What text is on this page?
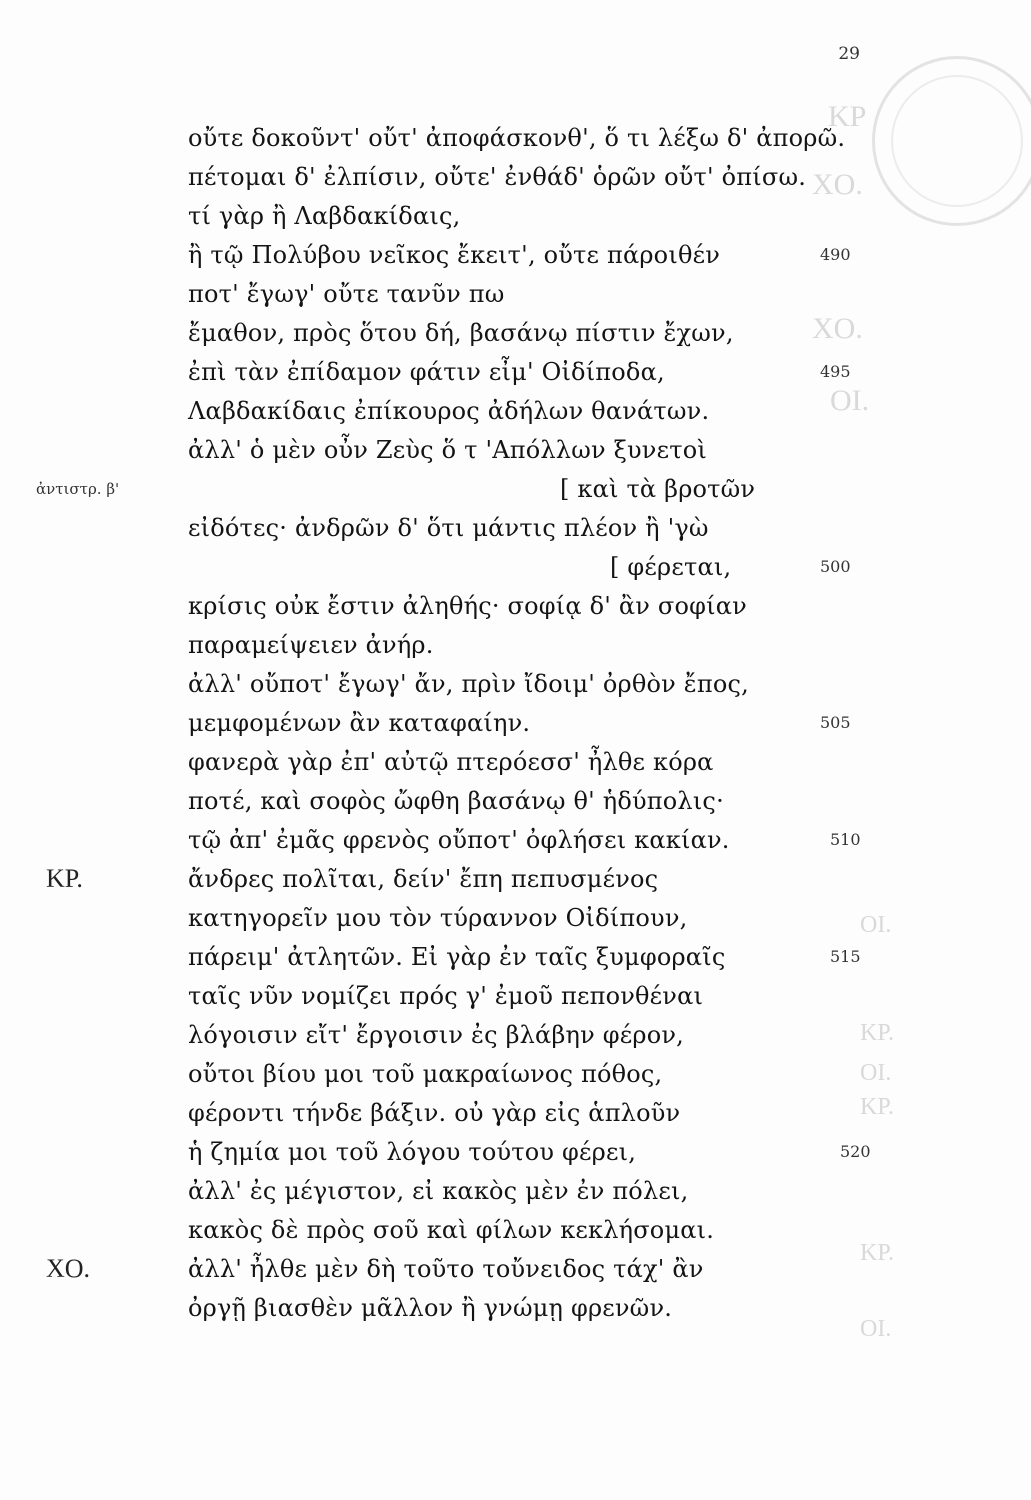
ΚΡ
ΧΟ.
ΧΟ.
ΟΙ.
ΟΙ.
ΚΡ.
ΟΙ.
ΚΡ.
ΚΡ.
ΟΙ.
29
οὔτε δοκοῦντ' οὔτ' ἀποφάσκονθ', ὅ τι λέξω δ' ἀπορῶ.
πέτομαι δ' ἐλπίσιν, οὔτε' ἐνθάδ' ὁρῶν οὔτ' ὀπίσω.
τί γὰρ ἢ Λαβδακίδαις,
ἢ τῷ Πολύβου νεῖκος ἔκειτ', οὔτε πάροιθέν
ποτ' ἔγωγ' οὔτε τανῦν πω
ἔμαθον, πρὸς ὅτου δή, βασάνῳ πίστιν ἔχων,
ἐπὶ τὰν ἐπίδαμον φάτιν εἶμ' Οἰδίποδα,
Λαβδακίδαις ἐπίκουρος ἀδήλων θανάτων.
ἀλλ' ὁ μὲν οὖν Ζεὺς ὅ τ 'Απόλλων ξυνετοὶ
[ καὶ τὰ βροτῶν
εἰδότες· ἀνδρῶν δ' ὅτι μάντις πλέον ἢ 'γὼ
[ φέρεται,
κρίσις οὐκ ἔστιν ἀληθής· σοφίᾳ δ' ἂν σοφίαν
παραμείψειεν ἀνήρ.
ἀλλ' οὔποτ' ἔγωγ' ἄν, πρὶν ἴδοιμ' ὀρθὸν ἔπος,
μεμφομένων ἂν καταφαίην.
φανερὰ γὰρ ἐπ' αὐτῷ πτερόεσσ' ἦλθε κόρα
ποτέ, καὶ σοφὸς ὤφθη βασάνῳ θ' ἡδύπολις·
τῷ ἀπ' ἐμᾶς φρενὸς οὔποτ' ὀφλήσει κακίαν.
ἄνδρες πολῖται, δείν' ἔπη πεπυσμένος
κατηγορεῖν μου τὸν τύραννον Οἰδίπουν,
πάρειμ' ἀτλητῶν. Εἰ γὰρ ἐν ταῖς ξυμφοραῖς
ταῖς νῦν νομίζει πρός γ' ἐμοῦ πεπονθέναι
λόγοισιν εἴτ' ἔργοισιν ἐς βλάβην φέρον,
οὔτοι βίου μοι τοῦ μακραίωνος πόθος,
φέροντι τήνδε βάξιν. οὐ γὰρ εἰς ἁπλοῦν
ἡ ζημία μοι τοῦ λόγου τούτου φέρει,
ἀλλ' ἐς μέγιστον, εἰ κακὸς μὲν ἐν πόλει,
κακὸς δὲ πρὸς σοῦ καὶ φίλων κεκλήσομαι.
ἀλλ' ἦλθε μὲν δὴ τοῦτο τοὔνειδος τάχ' ἂν
ὀργῇ βιασθὲν μᾶλλον ἢ γνώμῃ φρενῶν.
ἀντιστρ. β'
ΚΡ.
ΧΟ.
490
495
500
505
510
515
520
